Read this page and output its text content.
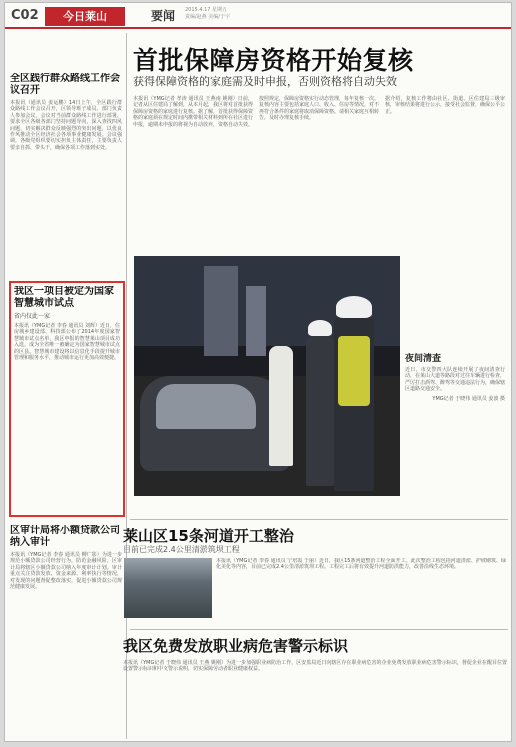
C02	今日莱山	要闻 2015.4.17 星期五
责编/赵燕 美编/于宇
全区践行群众路线工作会议召开
本报讯（通讯员 姜运鹏）14日上午，全区践行群众路线工作会议召开，区领导班子成员、部门负责人参加会议。会议对当前群众路线工作进行部署，要求全区各级各部门坚持问题导向，深入查找四风问题，切实解决群众反映强烈的突出问题，以优良作风推动全区经济社会各项事业健康发展。会议强调，各级党组织要切实担负主体责任，主要负责人要亲自抓、带头干，确保各项工作落到实处。
我区一项目被定为国家智慧城市试点
省内仅此一家
本报讯（YMG记者 李春 通讯员 刘辉）近日，住房城乡建设部、科技部公布了2014年度国家智慧城市试点名单，我区申报的智慧莱山项目成功入选，成为全省唯一被确定为国家智慧城市试点的区县。智慧城市建设将以信息化手段提升城市管理和服务水平，推动城市运行更加高效便捷。
区审计局将小额贷款公司纳入审计
本报讯（YMG记者 李春 通讯员 柳广影）为进一步规范小额贷款公司经营行为，防范金融风险，区审计局将辖区小额贷款公司纳入年度审计计划。审计重点关注贷款发放、资金来源、利率执行等情况，对发现的问题督促整改落实，促进小额贷款公司规范健康发展。
首批保障房资格开始复核
获得保障资格的家庭需及时申报，否则资格将自动失效
本报讯（YMG记者 孝涛 通讯员 王燕南 姚刚）日前，记者从区住建局了解到，从本月起，我区将对首批获得保障房资格的家庭进行复核。据了解，首批获得保障资格的家庭须在规定时间内携带相关材料到所在社区进行申报，逾期未申报的将视为自动放弃，资格自动失效。
按照规定，保障房资格实行动态管理，每年复核一次。复核内容主要包括家庭人口、收入、住房等情况，对不再符合条件的家庭将取消保障资格。请相关家庭互相转告，及时办理复核手续。
据介绍，复核工作将由社区、街道、区住建局三级审核，审核结果将进行公示，接受社会监督，确保公平公正。
夜间清查
近日，市交警四大队连续开展了夜间清查行动，在莱山大道等路段对过往车辆进行检查，严厉打击酒驾、醉驾等交通违法行为，确保辖区道路交通安全。
YMG记者 于晓伟 通讯员 姜波 摄
莱山区15条河道开工整治
目前已完成2.4公里清淤筑坝工程
本报讯（YMG记者 李春 通讯员 宁培霞 于丽）近日，我区15条河道整治工程全面开工。此次整治工程包括河道清淤、护坡砌筑、绿化美化等内容，目前已完成2.4公里清淤筑坝工程。工程完工后将有效提升河道防洪能力，改善沿线生态环境。
我区免费发放职业病危害警示标识
本报讯（YMG记者 于晓伟 通讯员 王燕 姚刚）为进一步加强职业病防治工作，区安监局近日向辖区存在职业病危害的企业免费发放职业病危害警示标识，督促企业在醒目位置设置警示标识和中文警示说明，切实保障劳动者职业健康权益。
